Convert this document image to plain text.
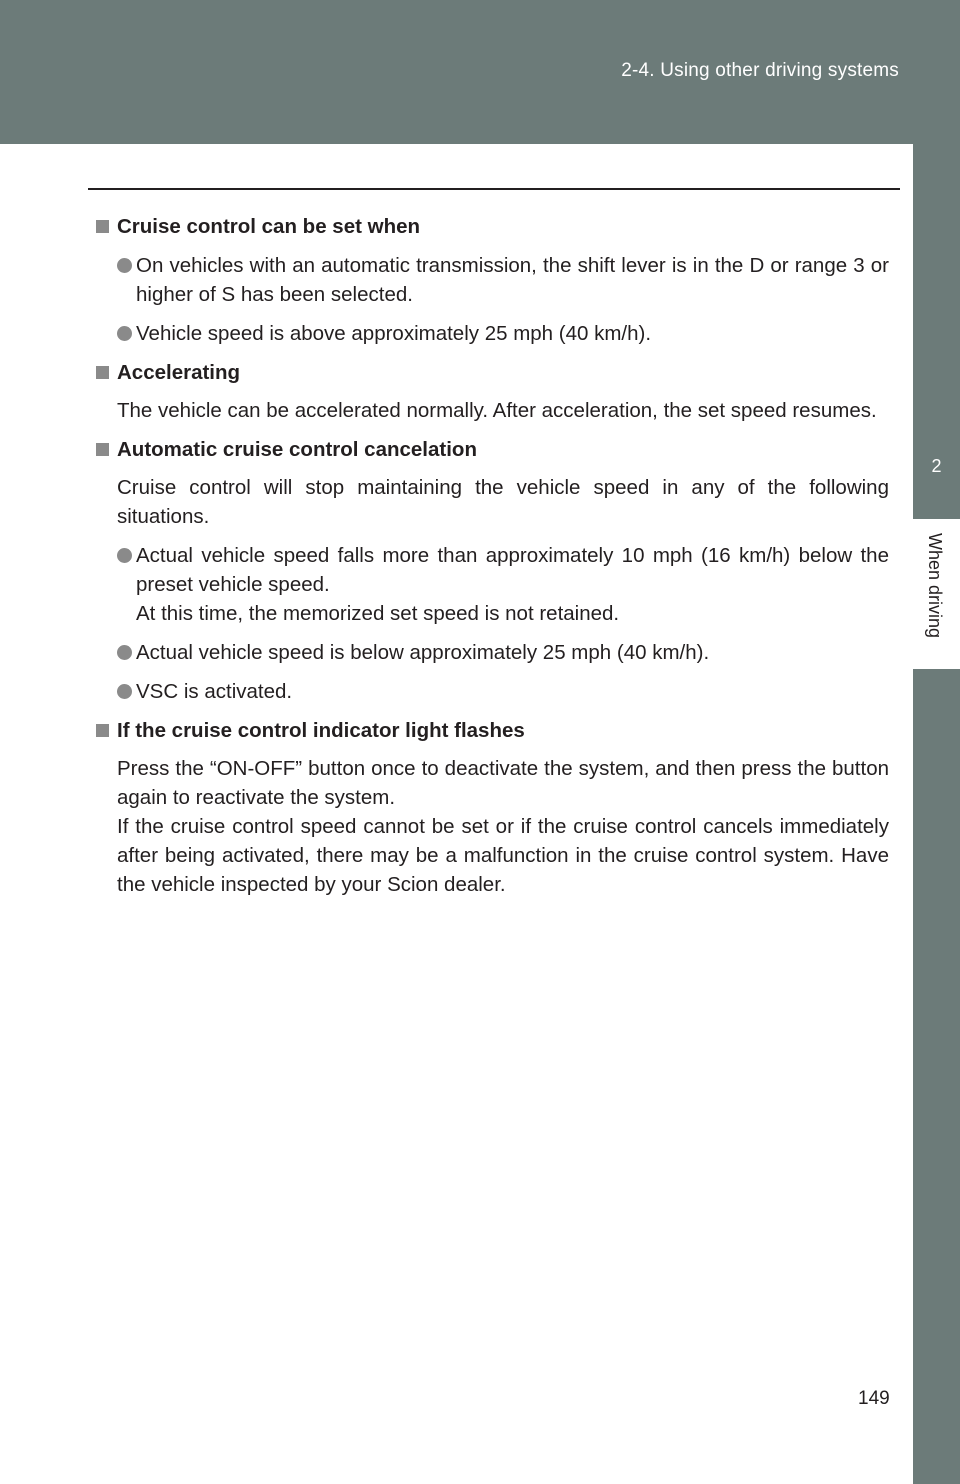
2-4. Using other driving systems
2
When driving

Cruise control can be set when

On vehicles with an automatic transmission, the shift lever is in the D or range 3 or higher of S has been selected.
Vehicle speed is above approximately 25 mph (40 km/h).

Accelerating

The vehicle can be accelerated normally. After acceleration, the set speed resumes.

Automatic cruise control cancelation

Cruise control will stop maintaining the vehicle speed in any of the following situations.

Actual vehicle speed falls more than approximately 10 mph (16 km/h) below the preset vehicle speed.
At this time, the memorized set speed is not retained.
Actual vehicle speed is below approximately 25 mph (40 km/h).
VSC is activated.

If the cruise control indicator light flashes

Press the “ON-OFF” button once to deactivate the system, and then press the button again to reactivate the system.
If the cruise control speed cannot be set or if the cruise control cancels immediately after being activated, there may be a malfunction in the cruise control system. Have the vehicle inspected by your Scion dealer.

149
